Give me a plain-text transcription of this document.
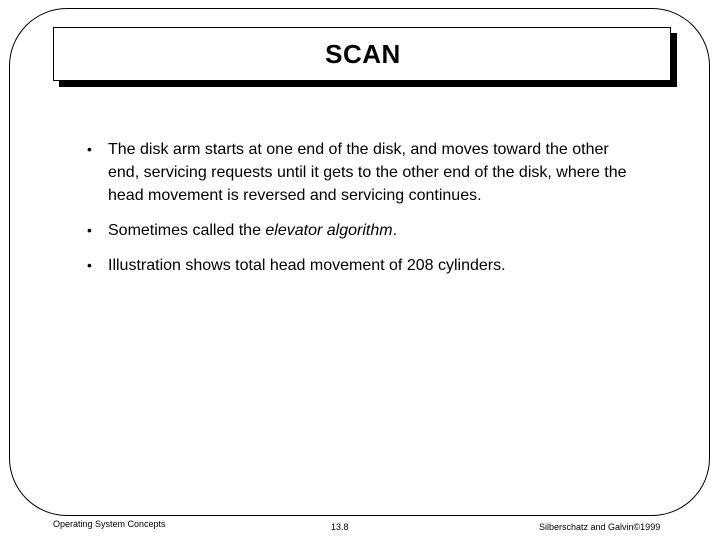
SCAN
• The disk arm starts at one end of the disk, and moves toward the other end, servicing requests until it gets to the other end of the disk, where the head movement is reversed and servicing continues.
• Sometimes called the elevator algorithm.
• Illustration shows total head movement of 208 cylinders.
Operating System Concepts	13.8	Silberschatz and Galvin©1999
